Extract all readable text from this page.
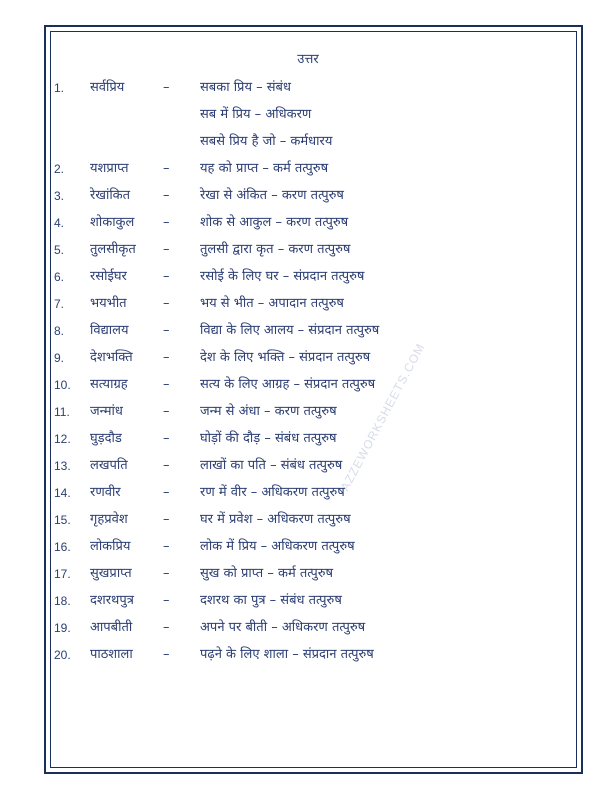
उत्तर
AZZEWORKSHEETS.COM
1. सर्वप्रिय	– सबका प्रिय – संबंध
सब में प्रिय – अधिकरण
सबसे प्रिय है जो – कर्मधारय
2. यशप्राप्त	– यह को प्राप्त – कर्म तत्पुरुष
3. रेखांकित	– रेखा से अंकित – करण तत्पुरुष
4. शोकाकुल – शोक से आकुल – करण तत्पुरुष
5. तुलसीकृत – तुलसी द्वारा कृत – करण तत्पुरुष
6. रसोईघर	– रसोई के लिए घर – संप्रदान तत्पुरुष
7. भयभीत	– भय से भीत – अपादान तत्पुरुष
8. विद्यालय	– विद्या के लिए आलय – संप्रदान तत्पुरुष
9. देशभक्ति – देश के लिए भक्ति – संप्रदान तत्पुरुष
10. सत्याग्रह	– सत्य के लिए आग्रह – संप्रदान तत्पुरुष
11. जन्मांध	– जन्म से अंधा – करण तत्पुरुष
12. घुड़दौड	– घोड़ों की दौड़ – संबंध तत्पुरुष
13. लखपति	– लाखों का पति – संबंध तत्पुरुष
14. रणवीर	– रण में वीर – अधिकरण तत्पुरुष
15. गृहप्रवेश	– घर में प्रवेश – अधिकरण तत्पुरुष
16. लोकप्रिय	– लोक में प्रिय – अधिकरण तत्पुरुष
17. सुखप्राप्त – सुख को प्राप्त – कर्म तत्पुरुष
18. दशरथपुत्र – दशरथ का पुत्र – संबंध तत्पुरुष
19. आपबीती – अपने पर बीती – अधिकरण तत्पुरुष
20. पाठशाला – पढ़ने के लिए शाला – संप्रदान तत्पुरुष
